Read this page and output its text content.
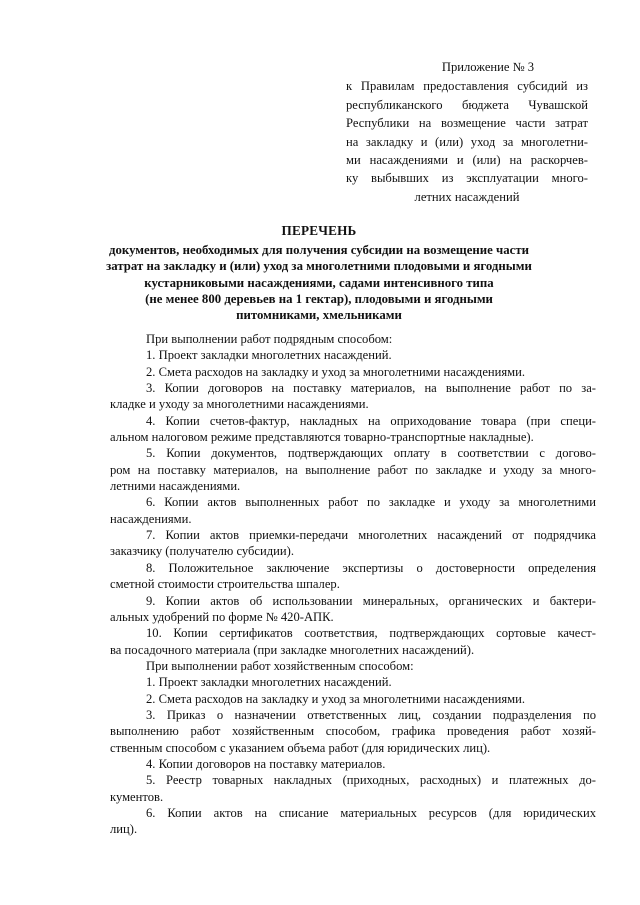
Приложение № 3
к Правилам предоставления субсидий из
республиканского бюджета Чувашской
Республики на возмещение части затрат
на закладку и (или) уход за многолетни-
ми насаждениями и (или) на раскорчев-
ку выбывших из эксплуатации много-
летних насаждений
ПЕРЕЧЕНЬ
документов, необходимых для получения субсидии на возмещение части
затрат на закладку и (или) уход за многолетними плодовыми и ягодными
кустарниковыми насаждениями, садами интенсивного типа
(не менее 800 деревьев на 1 гектар), плодовыми и ягодными
питомниками, хмельниками
При выполнении работ подрядным способом:
1. Проект закладки многолетних насаждений.
2. Смета расходов на закладку и уход за многолетними насаждениями.
3. Копии договоров на поставку материалов, на выполнение работ по за-
кладке и уходу за многолетними насаждениями.
4. Копии счетов-фактур, накладных на оприходование товара (при специ-
альном налоговом режиме представляются товарно-транспортные накладные).
5. Копии документов, подтверждающих оплату в соответствии с догово-
ром на поставку материалов, на выполнение работ по закладке и уходу за много-
летними насаждениями.
6. Копии актов выполненных работ по закладке и уходу за многолетними
насаждениями.
7. Копии актов приемки-передачи многолетних насаждений от подрядчика
заказчику (получателю субсидии).
8. Положительное заключение экспертизы о достоверности определения
сметной стоимости строительства шпалер.
9. Копии актов об использовании минеральных, органических и бактери-
альных удобрений по форме № 420-АПК.
10. Копии сертификатов соответствия, подтверждающих сортовые качест-
ва посадочного материала (при закладке многолетних насаждений).
При выполнении работ хозяйственным способом:
1. Проект закладки многолетних насаждений.
2. Смета расходов на закладку и уход за многолетними насаждениями.
3. Приказ о назначении ответственных лиц, создании подразделения по
выполнению работ хозяйственным способом, графика проведения работ хозяй-
ственным способом с указанием объема работ (для юридических лиц).
4. Копии договоров на поставку материалов.
5. Реестр товарных накладных (приходных, расходных) и платежных до-
кументов.
6. Копии актов на списание материальных ресурсов (для юридических
лиц).
